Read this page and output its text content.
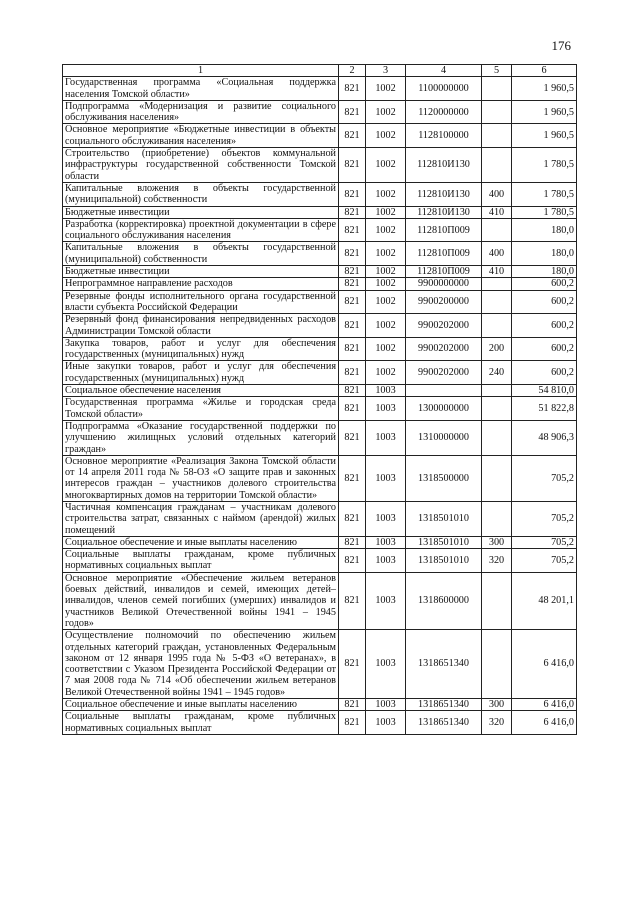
176
1	2	3	4	5	6
Государственная программа «Социальная поддержка населения Томской области»	821	1002	1100000000		1 960,5
Подпрограмма «Модернизация и развитие социального обслуживания населения»	821	1002	1120000000		1 960,5
Основное мероприятие «Бюджетные инвестиции в объекты социального обслуживания населения»	821	1002	1128100000		1 960,5
Строительство (приобретение) объектов коммунальной инфраструктуры государственной собственности Томской области	821	1002	112810И130		1 780,5
Капитальные вложения в объекты государственной (муниципальной) собственности	821	1002	112810И130	400	1 780,5
Бюджетные инвестиции	821	1002	112810И130	410	1 780,5
Разработка (корректировка) проектной документации в сфере социального обслуживания населения	821	1002	112810П009		180,0
Капитальные вложения в объекты государственной (муниципальной) собственности	821	1002	112810П009	400	180,0
Бюджетные инвестиции	821	1002	112810П009	410	180,0
Непрограммное направление расходов	821	1002	9900000000		600,2
Резервные фонды исполнительного органа государственной власти субъекта Российской Федерации	821	1002	9900200000		600,2
Резервный фонд финансирования непредвиденных расходов Администрации Томской области	821	1002	9900202000		600,2
Закупка товаров, работ и услуг для обеспечения государственных (муниципальных) нужд	821	1002	9900202000	200	600,2
Иные закупки товаров, работ и услуг для обеспечения государственных (муниципальных) нужд	821	1002	9900202000	240	600,2
Социальное обеспечение населения	821	1003			54 810,0
Государственная программа «Жилье и городская среда Томской области»	821	1003	1300000000		51 822,8
Подпрограмма «Оказание государственной поддержки по улучшению жилищных условий отдельных категорий граждан»	821	1003	1310000000		48 906,3
Основное мероприятие «Реализация Закона Томской области от 14 апреля 2011 года № 58-ОЗ «О защите прав и законных интересов граждан – участников долевого строительства многоквартирных домов на территории Томской области»	821	1003	1318500000		705,2
Частичная компенсация гражданам – участникам долевого строительства затрат, связанных с наймом (арендой) жилых помещений	821	1003	1318501010		705,2
Социальное обеспечение и иные выплаты населению	821	1003	1318501010	300	705,2
Социальные выплаты гражданам, кроме публичных нормативных социальных выплат	821	1003	1318501010	320	705,2
Основное мероприятие «Обеспечение жильем ветеранов боевых действий, инвалидов и семей, имеющих детей–инвалидов, членов семей погибших (умерших) инвалидов и участников Великой Отечественной войны 1941 – 1945 годов»	821	1003	1318600000		48 201,1
Осуществление полномочий по обеспечению жильем отдельных категорий граждан, установленных Федеральным законом от 12 января 1995 года № 5-ФЗ «О ветеранах», в соответствии с Указом Президента Российской Федерации от 7 мая 2008 года № 714 «Об обеспечении жильем ветеранов Великой Отечественной войны 1941 – 1945 годов»	821	1003	1318651340		6 416,0
Социальное обеспечение и иные выплаты населению	821	1003	1318651340	300	6 416,0
Социальные выплаты гражданам, кроме публичных нормативных социальных выплат	821	1003	1318651340	320	6 416,0
